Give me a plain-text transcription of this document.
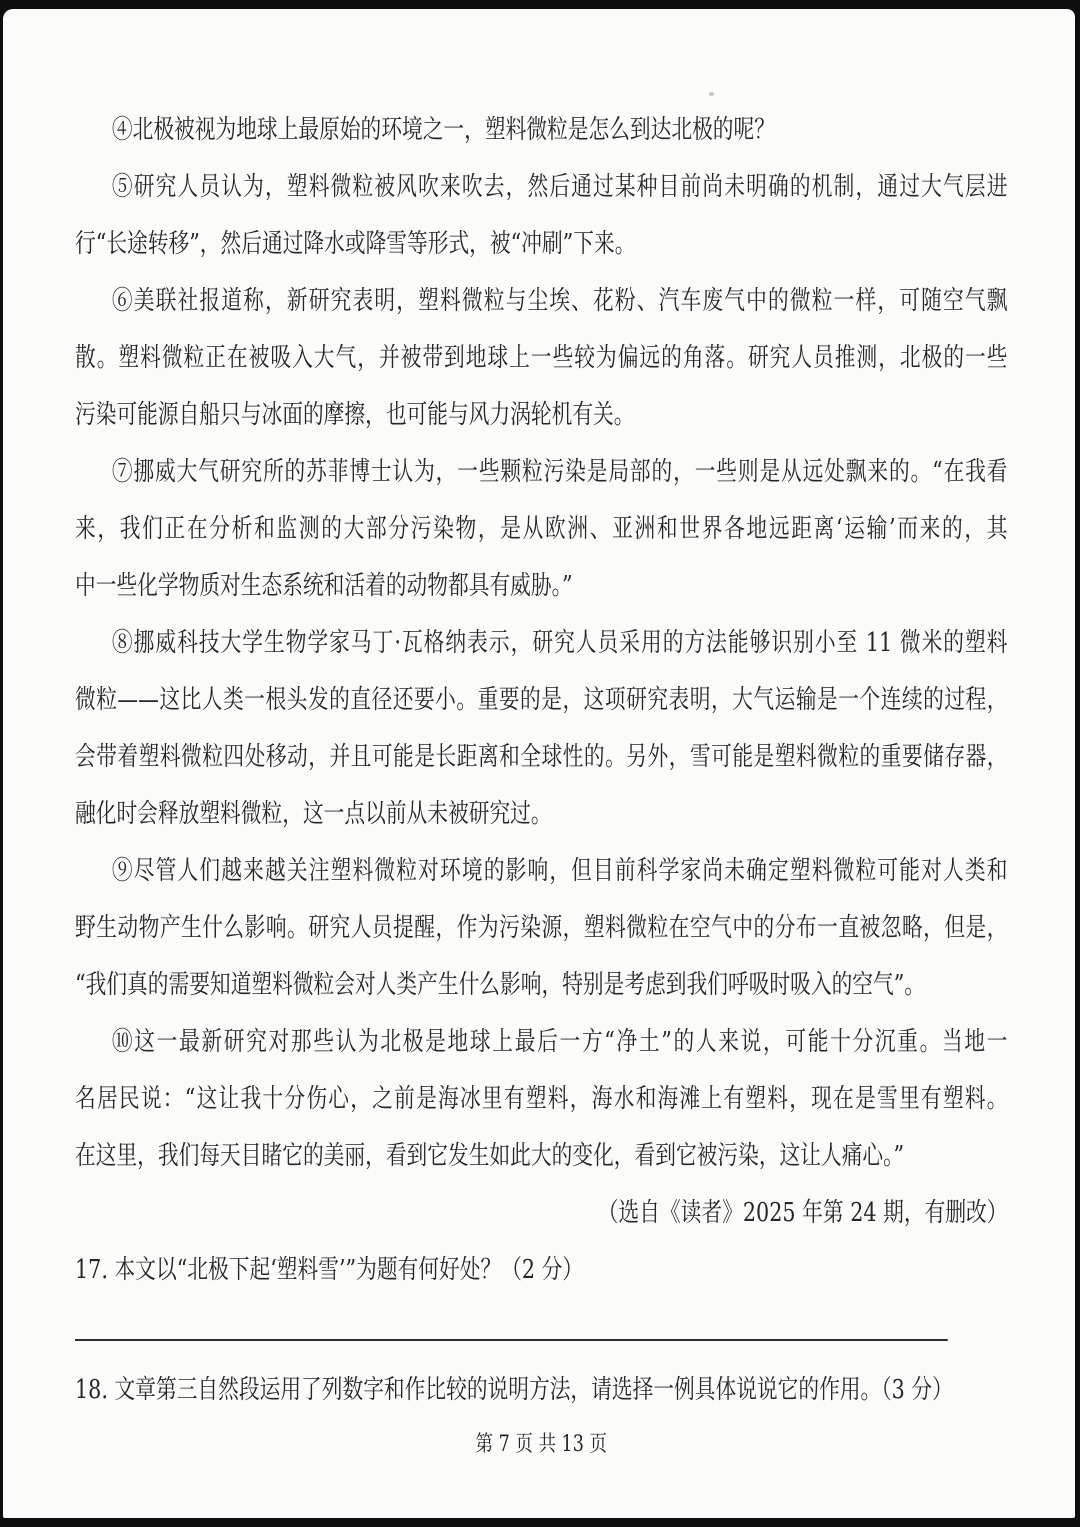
④北极被视为地球上最原始的环境之一，塑料微粒是怎么到达北极的呢？
⑤研究人员认为，塑料微粒被风吹来吹去，然后通过某种目前尚未明确的机制，通过大气层进
行“长途转移”，然后通过降水或降雪等形式，被“冲刷”下来。
⑥美联社报道称，新研究表明，塑料微粒与尘埃、花粉、汽车废气中的微粒一样，可随空气飘
散。塑料微粒正在被吸入大气，并被带到地球上一些较为偏远的角落。研究人员推测，北极的一些
污染可能源自船只与冰面的摩擦，也可能与风力涡轮机有关。
⑦挪威大气研究所的苏菲博士认为，一些颗粒污染是局部的，一些则是从远处飘来的。“在我看
来，我们正在分析和监测的大部分污染物，是从欧洲、亚洲和世界各地远距离‘运输’而来的，其
中一些化学物质对生态系统和活着的动物都具有威胁。”
⑧挪威科技大学生物学家马丁·瓦格纳表示，研究人员采用的方法能够识别小至 11 微米的塑料
微粒——这比人类一根头发的直径还要小。重要的是，这项研究表明，大气运输是一个连续的过程，
会带着塑料微粒四处移动，并且可能是长距离和全球性的。另外，雪可能是塑料微粒的重要储存器，
融化时会释放塑料微粒，这一点以前从未被研究过。
⑨尽管人们越来越关注塑料微粒对环境的影响，但目前科学家尚未确定塑料微粒可能对人类和
野生动物产生什么影响。研究人员提醒，作为污染源，塑料微粒在空气中的分布一直被忽略，但是，
“我们真的需要知道塑料微粒会对人类产生什么影响，特别是考虑到我们呼吸时吸入的空气”。
⑩这一最新研究对那些认为北极是地球上最后一方“净土”的人来说，可能十分沉重。当地一
名居民说：“这让我十分伤心，之前是海冰里有塑料，海水和海滩上有塑料，现在是雪里有塑料。
在这里，我们每天目睹它的美丽，看到它发生如此大的变化，看到它被污染，这让人痛心。”
（选自《读者》2025 年第 24 期，有删改）
17. 本文以“北极下起‘塑料雪’”为题有何好处？（2 分）
18. 文章第三自然段运用了列数字和作比较的说明方法，请选择一例具体说说它的作用。（3 分）
第 7 页 共 13 页
